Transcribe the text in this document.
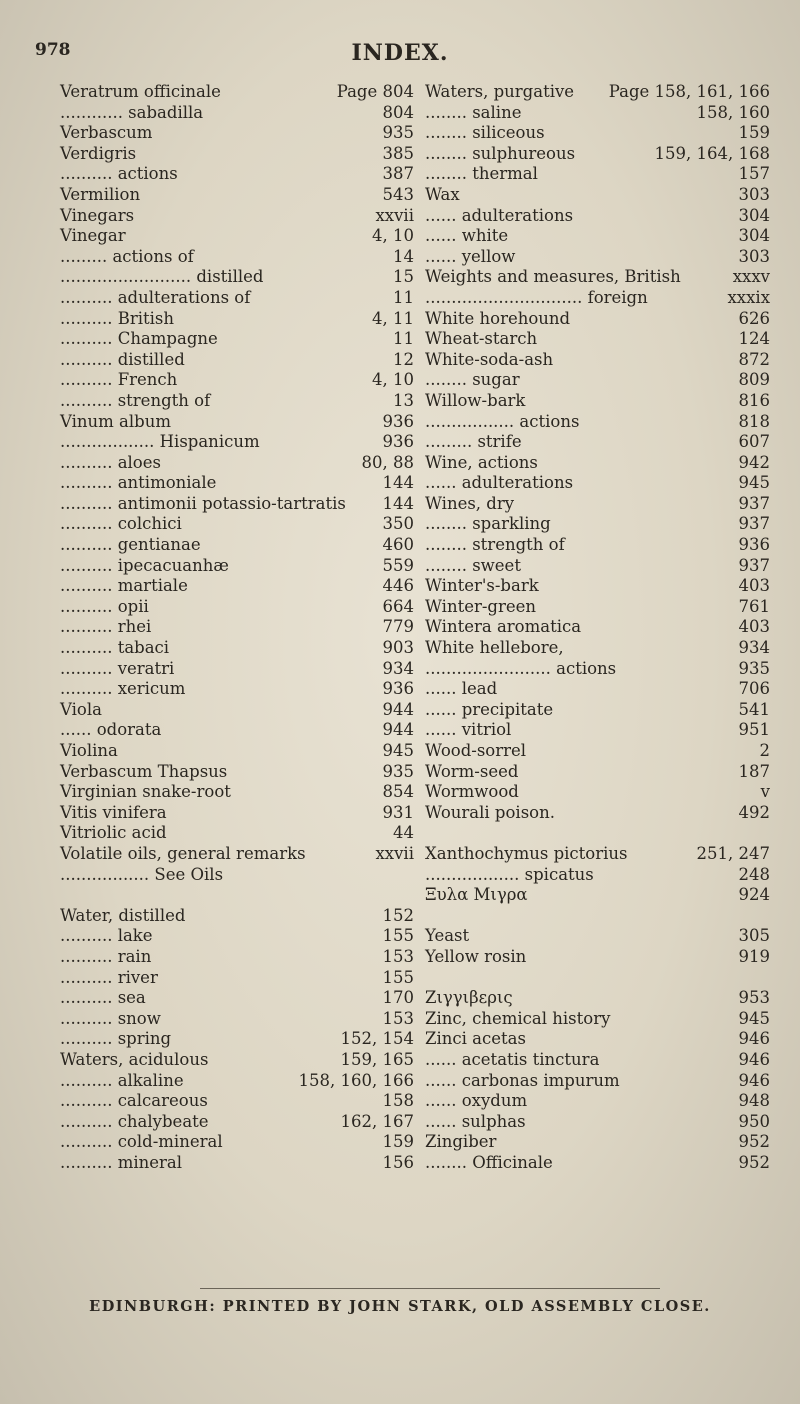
978	INDEX.
Veratrum officinale	Page 804
............ sabadilla	804
Verbascum	935
Verdigris	385
.......... actions	387
Vermilion	543
Vinegars	xxvii
Vinegar	4, 10
......... actions of	14
......................... distilled	15
.......... adulterations of	11
.......... British	4, 11
.......... Champagne	11
.......... distilled	12
.......... French	4, 10
.......... strength of	13
Vinum album	936
.................. Hispanicum	936
.......... aloes	80, 88
.......... antimoniale	144
.......... antimonii potassio-tartratis 144
.......... colchici	350
.......... gentianae	460
.......... ipecacuanhæ	559
.......... martiale	446
.......... opii	664
.......... rhei	779
.......... tabaci	903
.......... veratri	934
.......... xericum	936
Viola	944
...... odorata	944
Violina	945
Verbascum Thapsus	935
Virginian snake-root	854
Vitis vinifera	931
Vitriolic acid	44
Volatile oils, general remarks	xxvii
................. See Oils
Water, distilled	152
.......... lake	155
.......... rain	153
.......... river	155
.......... sea	170
.......... snow	153
.......... spring	152, 154
Waters, acidulous	159, 165
.......... alkaline	158, 160, 166
.......... calcareous	158
.......... chalybeate	162, 167
.......... cold-mineral	159
.......... mineral	156
Waters, purgative Page 158, 161, 166
........ saline	158, 160
........ siliceous	159
........ sulphureous	159, 164, 168
........ thermal	157
Wax	303
...... adulterations	304
...... white	304
...... yellow	303
Weights and measures, British	xxxv
.............................. foreign	xxxix
White horehound	626
Wheat-starch	124
White-soda-ash	872
........ sugar	809
Willow-bark	816
................. actions	818
......... strife	607
Wine, actions	942
...... adulterations	945
Wines, dry	937
........ sparkling	937
........ strength of	936
........ sweet	937
Winter's-bark	403
Winter-green	761
Wintera aromatica	403
White hellebore,	934
........................ actions	935
...... lead	706
...... precipitate	541
...... vitriol	951
Wood-sorrel	2
Worm-seed	187
Wormwood	v
Wourali poison.	492
Xanthochymus pictorius	251, 247
.................. spicatus	248
Ξυλα Μιγρα	924
Yeast	305
Yellow rosin	919
Ζιγγιβερις	953
Zinc, chemical history	945
Zinci acetas	946
...... acetatis tinctura	946
...... carbonas impurum	946
...... oxydum	948
...... sulphas	950
Zingiber	952
........ Officinale	952
EDINBURGH: PRINTED BY JOHN STARK, OLD ASSEMBLY CLOSE.
